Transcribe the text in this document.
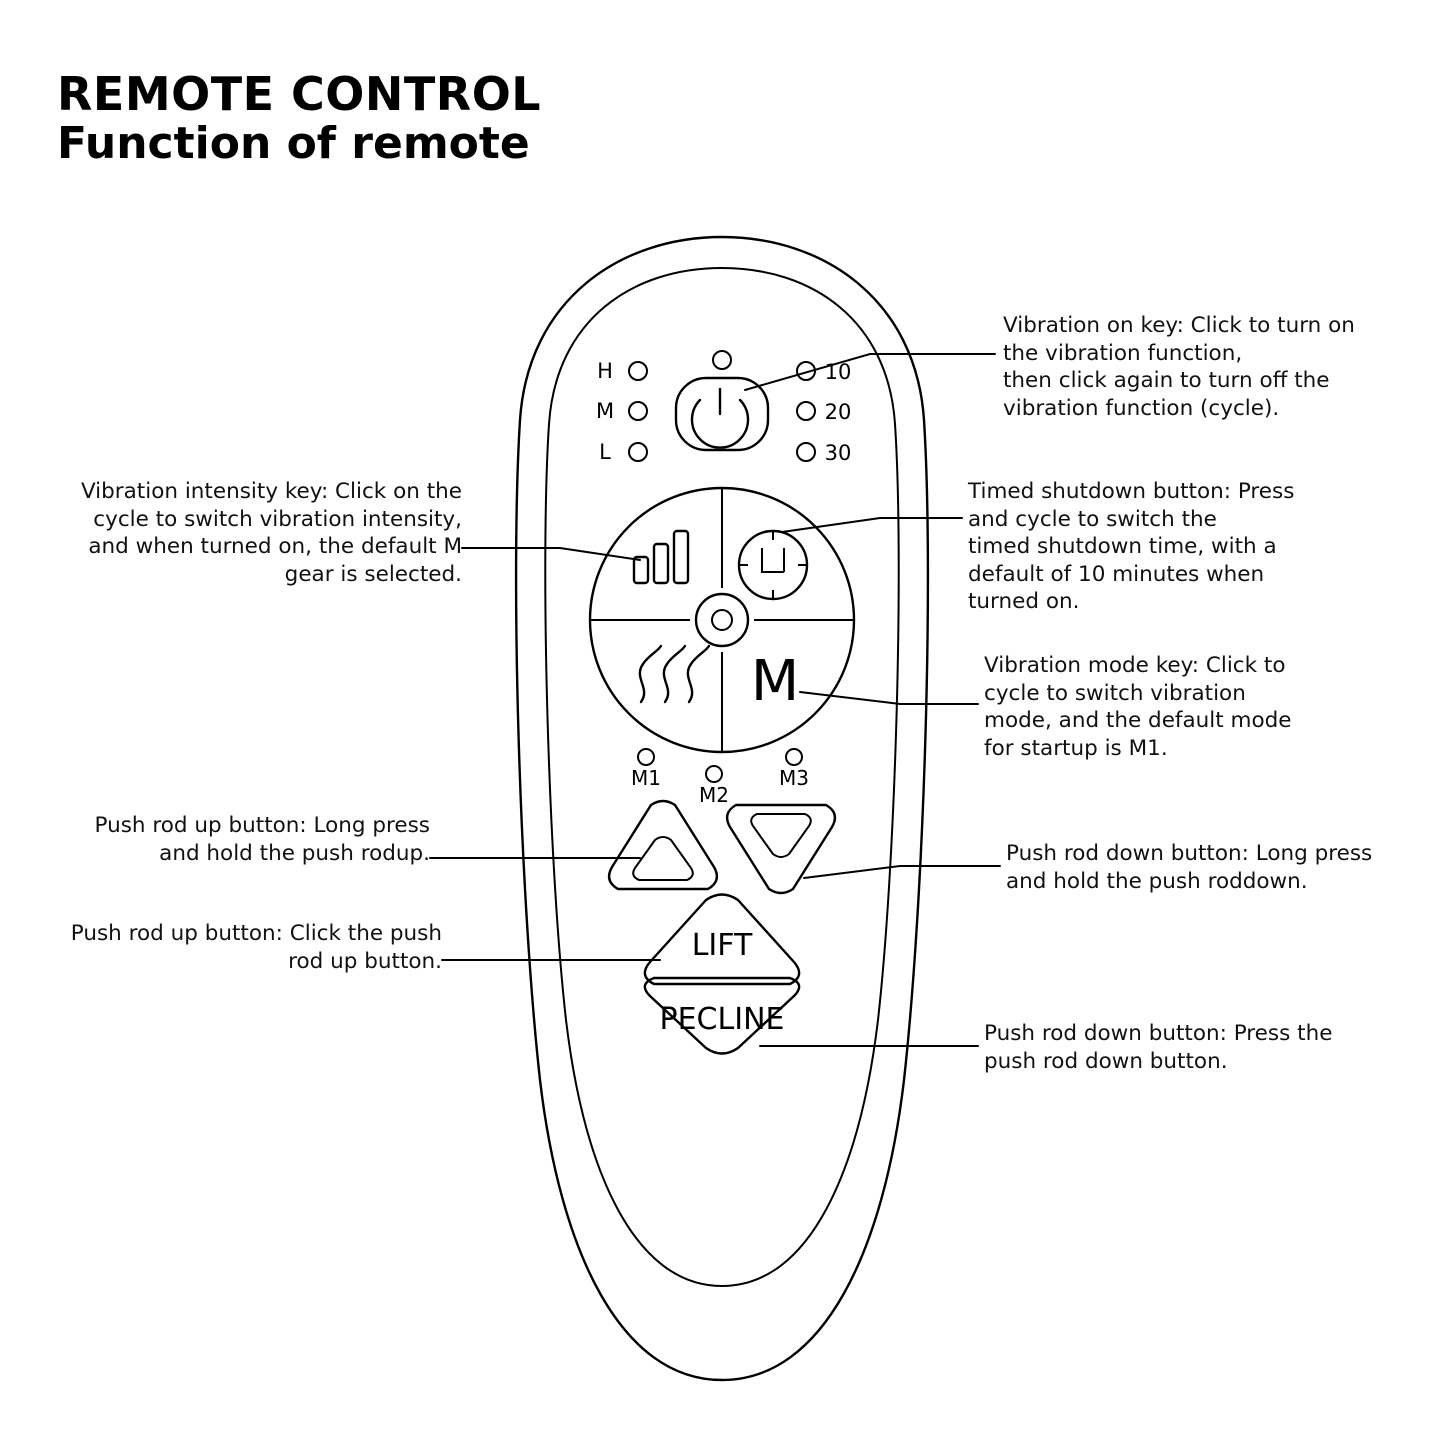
REMOTE CONTROL
Function of remote
H
M
L
10
20
30
M
M1
M2
M3
LIFT
PECLINE
Vibration on key: Click to turn on
the vibration function,
then click again to turn off the
vibration function (cycle).
Timed shutdown button: Press
and cycle to switch the
timed shutdown time, with a
default of 10 minutes when
turned on.
Vibration mode key: Click to
cycle to switch vibration
mode, and the default mode
for startup is M1.
Push rod down button: Long press
and hold the push roddown.
Push rod down button: Press the
push rod down button.
Vibration intensity key: Click on the
cycle to switch vibration intensity,
and when turned on, the default M
gear is selected.
Push rod up button: Long press
and hold the push rodup.
Push rod up button: Click the push
rod up button.
